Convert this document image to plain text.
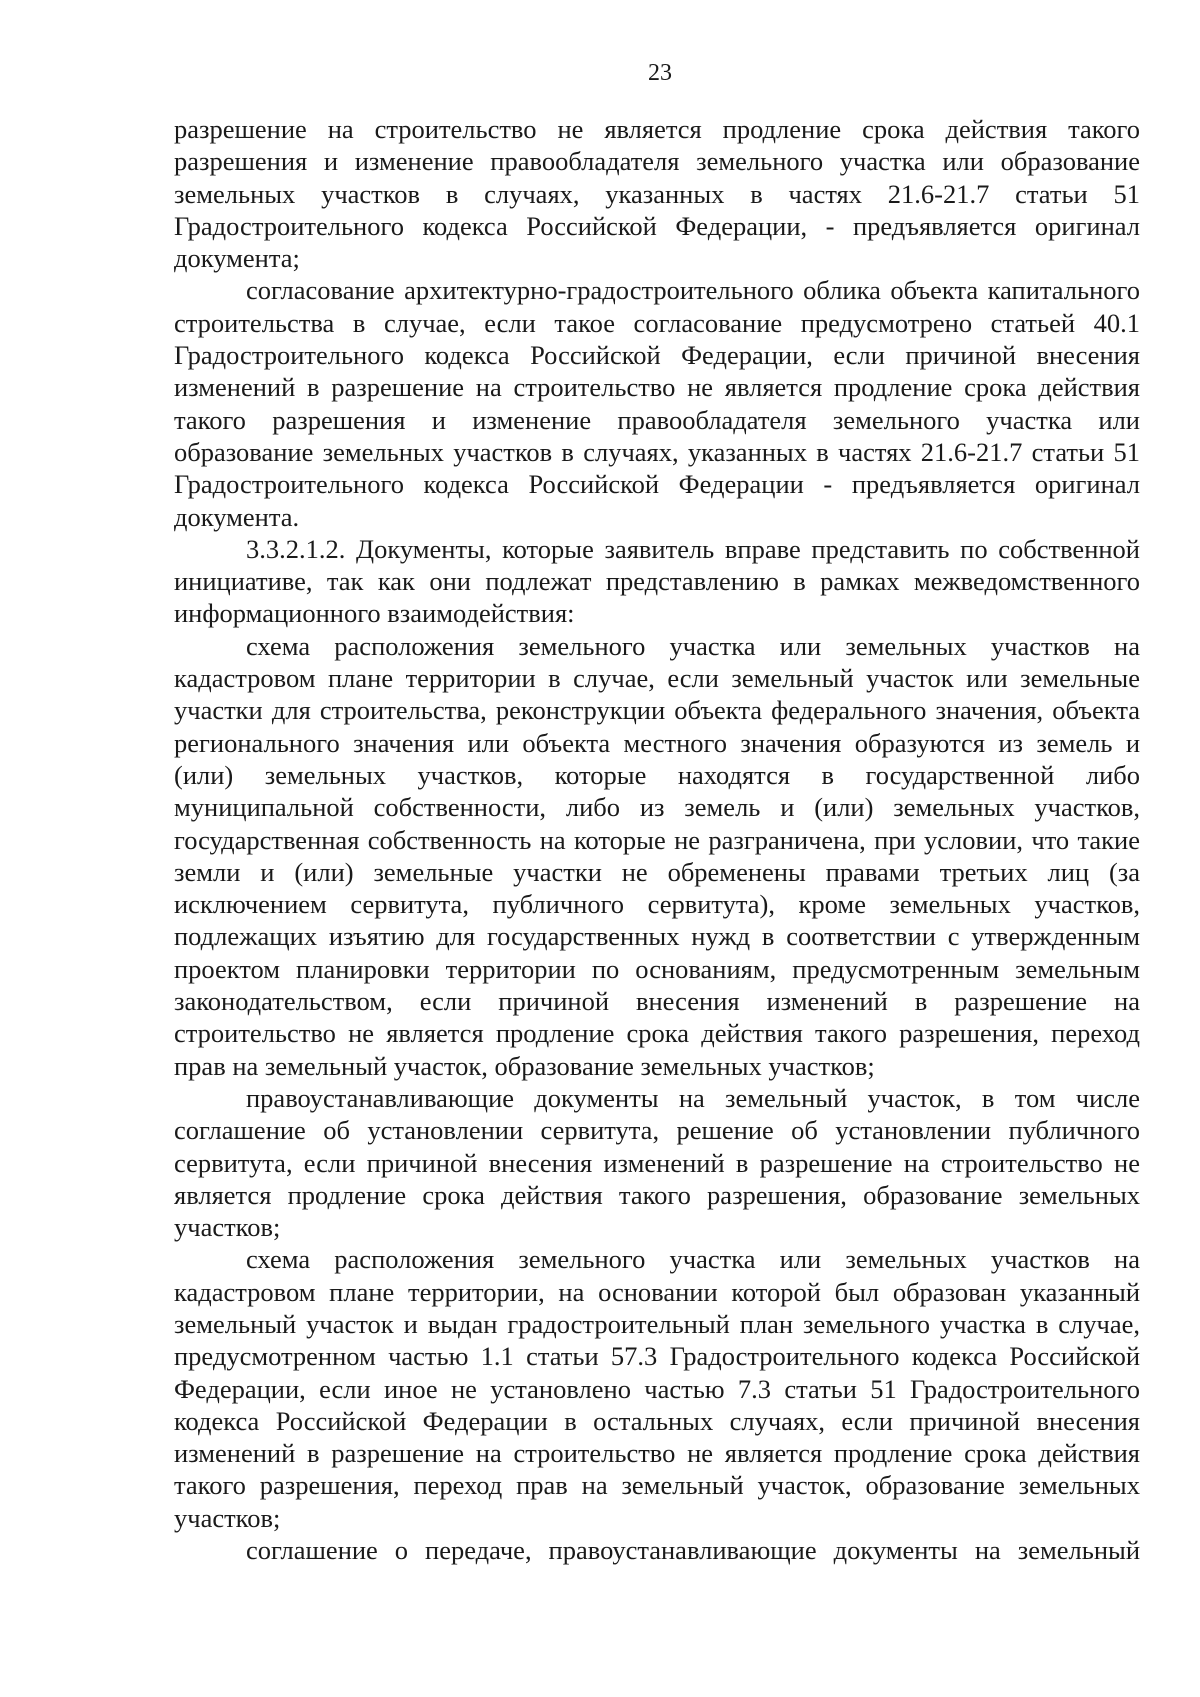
23

разрешение на строительство не является продление срока действия такого разрешения и изменение правообладателя земельного участка или образование земельных участков в случаях, указанных в частях 21.6-21.7 статьи 51 Градостроительного кодекса Российской Федерации, - предъявляется оригинал документа;

согласование архитектурно-градостроительного облика объекта капитального строительства в случае, если такое согласование предусмотрено статьей 40.1 Градостроительного кодекса Российской Федерации, если причиной внесения изменений в разрешение на строительство не является продление срока действия такого разрешения и изменение правообладателя земельного участка или образование земельных участков в случаях, указанных в частях 21.6-21.7 статьи 51 Градостроительного кодекса Российской Федерации - предъявляется оригинал документа.

3.3.2.1.2. Документы, которые заявитель вправе представить по собственной инициативе, так как они подлежат представлению в рамках межведомственного информационного взаимодействия:

схема расположения земельного участка или земельных участков на кадастровом плане территории в случае, если земельный участок или земельные участки для строительства, реконструкции объекта федерального значения, объекта регионального значения или объекта местного значения образуются из земель и (или) земельных участков, которые находятся в государственной либо муниципальной собственности, либо из земель и (или) земельных участков, государственная собственность на которые не разграничена, при условии, что такие земли и (или) земельные участки не обременены правами третьих лиц (за исключением сервитута, публичного сервитута), кроме земельных участков, подлежащих изъятию для государственных нужд в соответствии с утвержденным проектом планировки территории по основаниям, предусмотренным земельным законодательством, если причиной внесения изменений в разрешение на строительство не является продление срока действия такого разрешения, переход прав на земельный участок, образование земельных участков;

правоустанавливающие документы на земельный участок, в том числе соглашение об установлении сервитута, решение об установлении публичного сервитута, если причиной внесения изменений в разрешение на строительство не является продление срока действия такого разрешения, образование земельных участков;

схема расположения земельного участка или земельных участков на кадастровом плане территории, на основании которой был образован указанный земельный участок и выдан градостроительный план земельного участка в случае, предусмотренном частью 1.1 статьи 57.3 Градостроительного кодекса Российской Федерации, если иное не установлено частью 7.3 статьи 51 Градостроительного кодекса Российской Федерации в остальных случаях, если причиной внесения изменений в разрешение на строительство не является продление срока действия такого разрешения, переход прав на земельный участок, образование земельных участков;

соглашение о передаче, правоустанавливающие документы на земельный
